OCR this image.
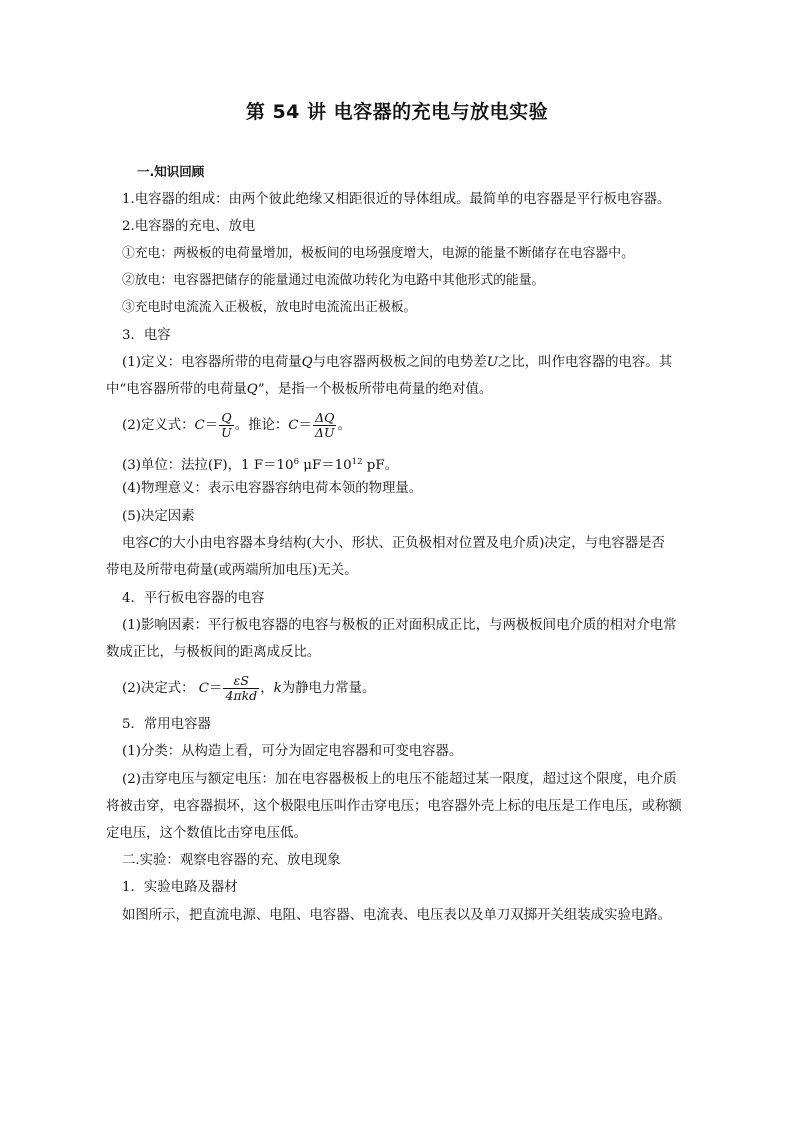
第 54 讲 电容器的充电与放电实验
一.知识回顾
1.电容器的组成：由两个彼此绝缘又相距很近的导体组成。最简单的电容器是平行板电容器。
2.电容器的充电、放电
①充电：两极板的电荷量增加，极板间的电场强度增大，电源的能量不断储存在电容器中。
②放电：电容器把储存的能量通过电流做功转化为电路中其他形式的能量。
③充电时电流流入正极板，放电时电流流出正极板。
3．电容
(1)定义：电容器所带的电荷量Q与电容器两极板之间的电势差U之比，叫作电容器的电容。其
中“电容器所带的电荷量Q”，是指一个极板所带电荷量的绝对值。
(2)定义式：$C= \frac{Q}{U}$ 。推论：$C= \frac{\Delta Q}{\Delta U}$ 。
(3)单位：法拉(F)，1 $F=10^6$ $\mu F=10^{12}$ pF。
(4)物理意义：表示电容器容纳电荷本领的物理量。
(5)决定因素
电容C的大小由电容器本身结构(大小、形状、正负极相对位置及电介质)决定，与电容器是否
带电及所带电荷量(或两端所加电压)无关。
4．平行板电容器的电容
(1)影响因素：平行板电容器的电容与极板的正对面积成正比，与两极板间电介质的相对介电常
数成正比，与极板间的距离成反比。
(2)决定式： $C= \frac{\varepsilon S}{\text{4πkd}}$ ，k为静电力常量。
5．常用电容器
(1)分类：从构造上看，可分为固定电容器和可变电容器。
(2)击穿电压与额定电压：加在电容器极板上的电压不能超过某一限度，超过这个限度，电介质
将被击穿，电容器损坏，这个极限电压叫作击穿电压；电容器外壳上标的电压是工作电压，或称额
定电压，这个数值比击穿电压低。
二.实验：观察电容器的充、放电现象
1．实验电路及器材
如图所示，把直流电源、电阻、电容器、电流表、电压表以及单刀双掷开关组装成实验电路。
